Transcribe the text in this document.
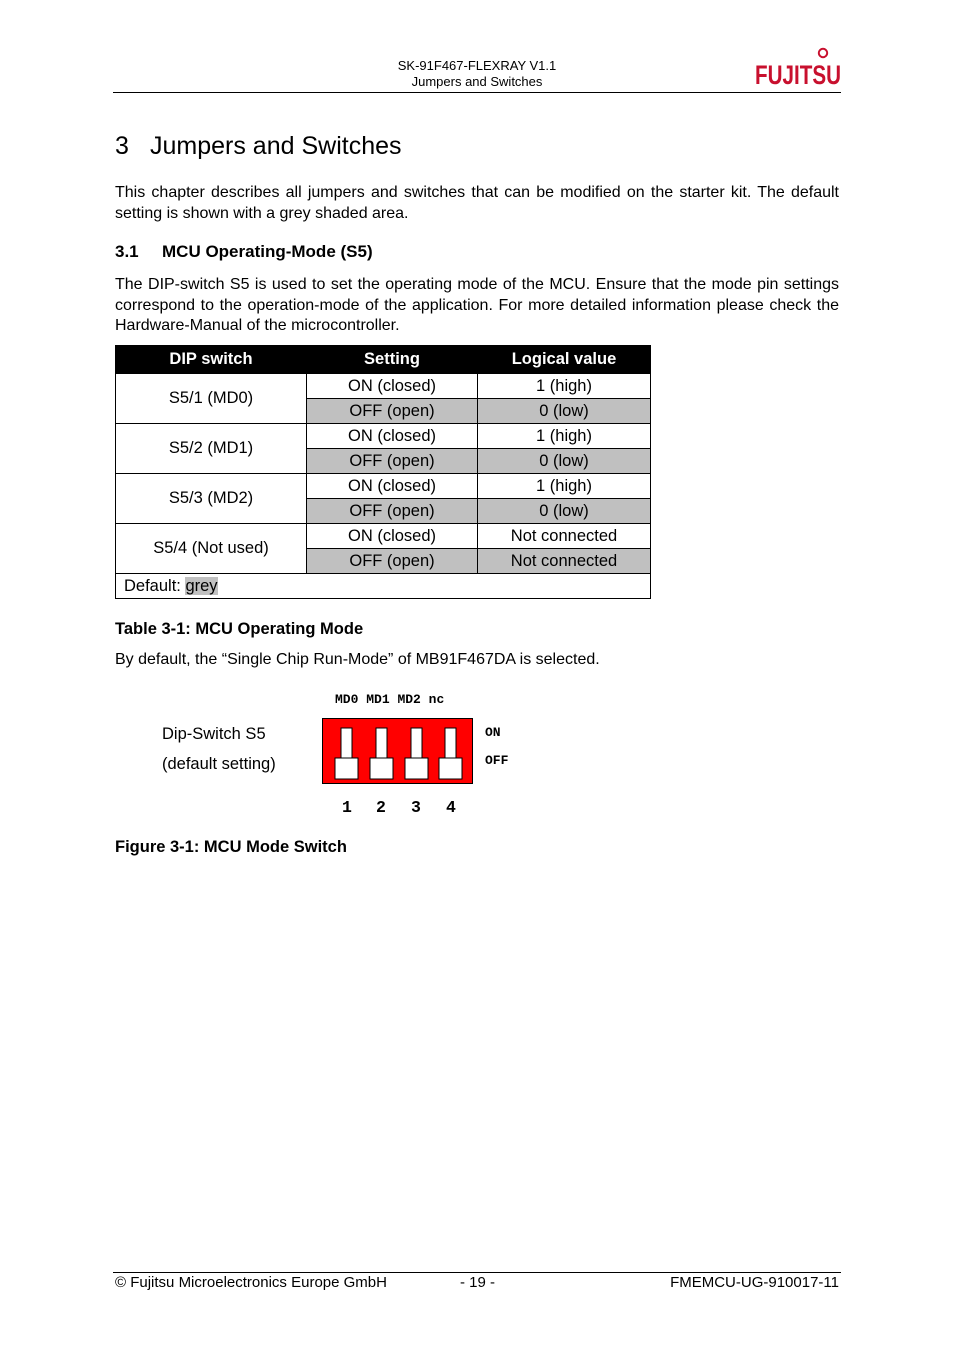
SK-91F467-FLEXRAY V1.1
Jumpers and Switches	FUJITSU
3 Jumpers and Switches

This chapter describes all jumpers and switches that can be modified on the starter kit. The default setting is shown with a grey shaded area.

3.1 MCU Operating-Mode (S5)

The DIP-switch S5 is used to set the operating mode of the MCU. Ensure that the mode pin settings correspond to the operation-mode of the application. For more detailed information please check the Hardware-Manual of the microcontroller.

DIP switch	Setting	Logical value
S5/1 (MD0)	ON (closed)	1 (high)
	OFF (open)	0 (low)
S5/2 (MD1)	ON (closed)	1 (high)
	OFF (open)	0 (low)
S5/3 (MD2)	ON (closed)	1 (high)
	OFF (open)	0 (low)
S5/4 (Not used)	ON (closed)	Not connected
	OFF (open)	Not connected
Default: grey		
Table 3-1: MCU Operating Mode

By default, the “Single Chip Run-Mode” of MB91F467DA is selected.

MD0 MD1 MD2 nc
Dip-Switch S5
(default setting)
ON
OFF
1 2 3 4
Figure 3-1: MCU Mode Switch
© Fujitsu Microelectronics Europe GmbH	- 19 -	FMEMCU-UG-910017-11
